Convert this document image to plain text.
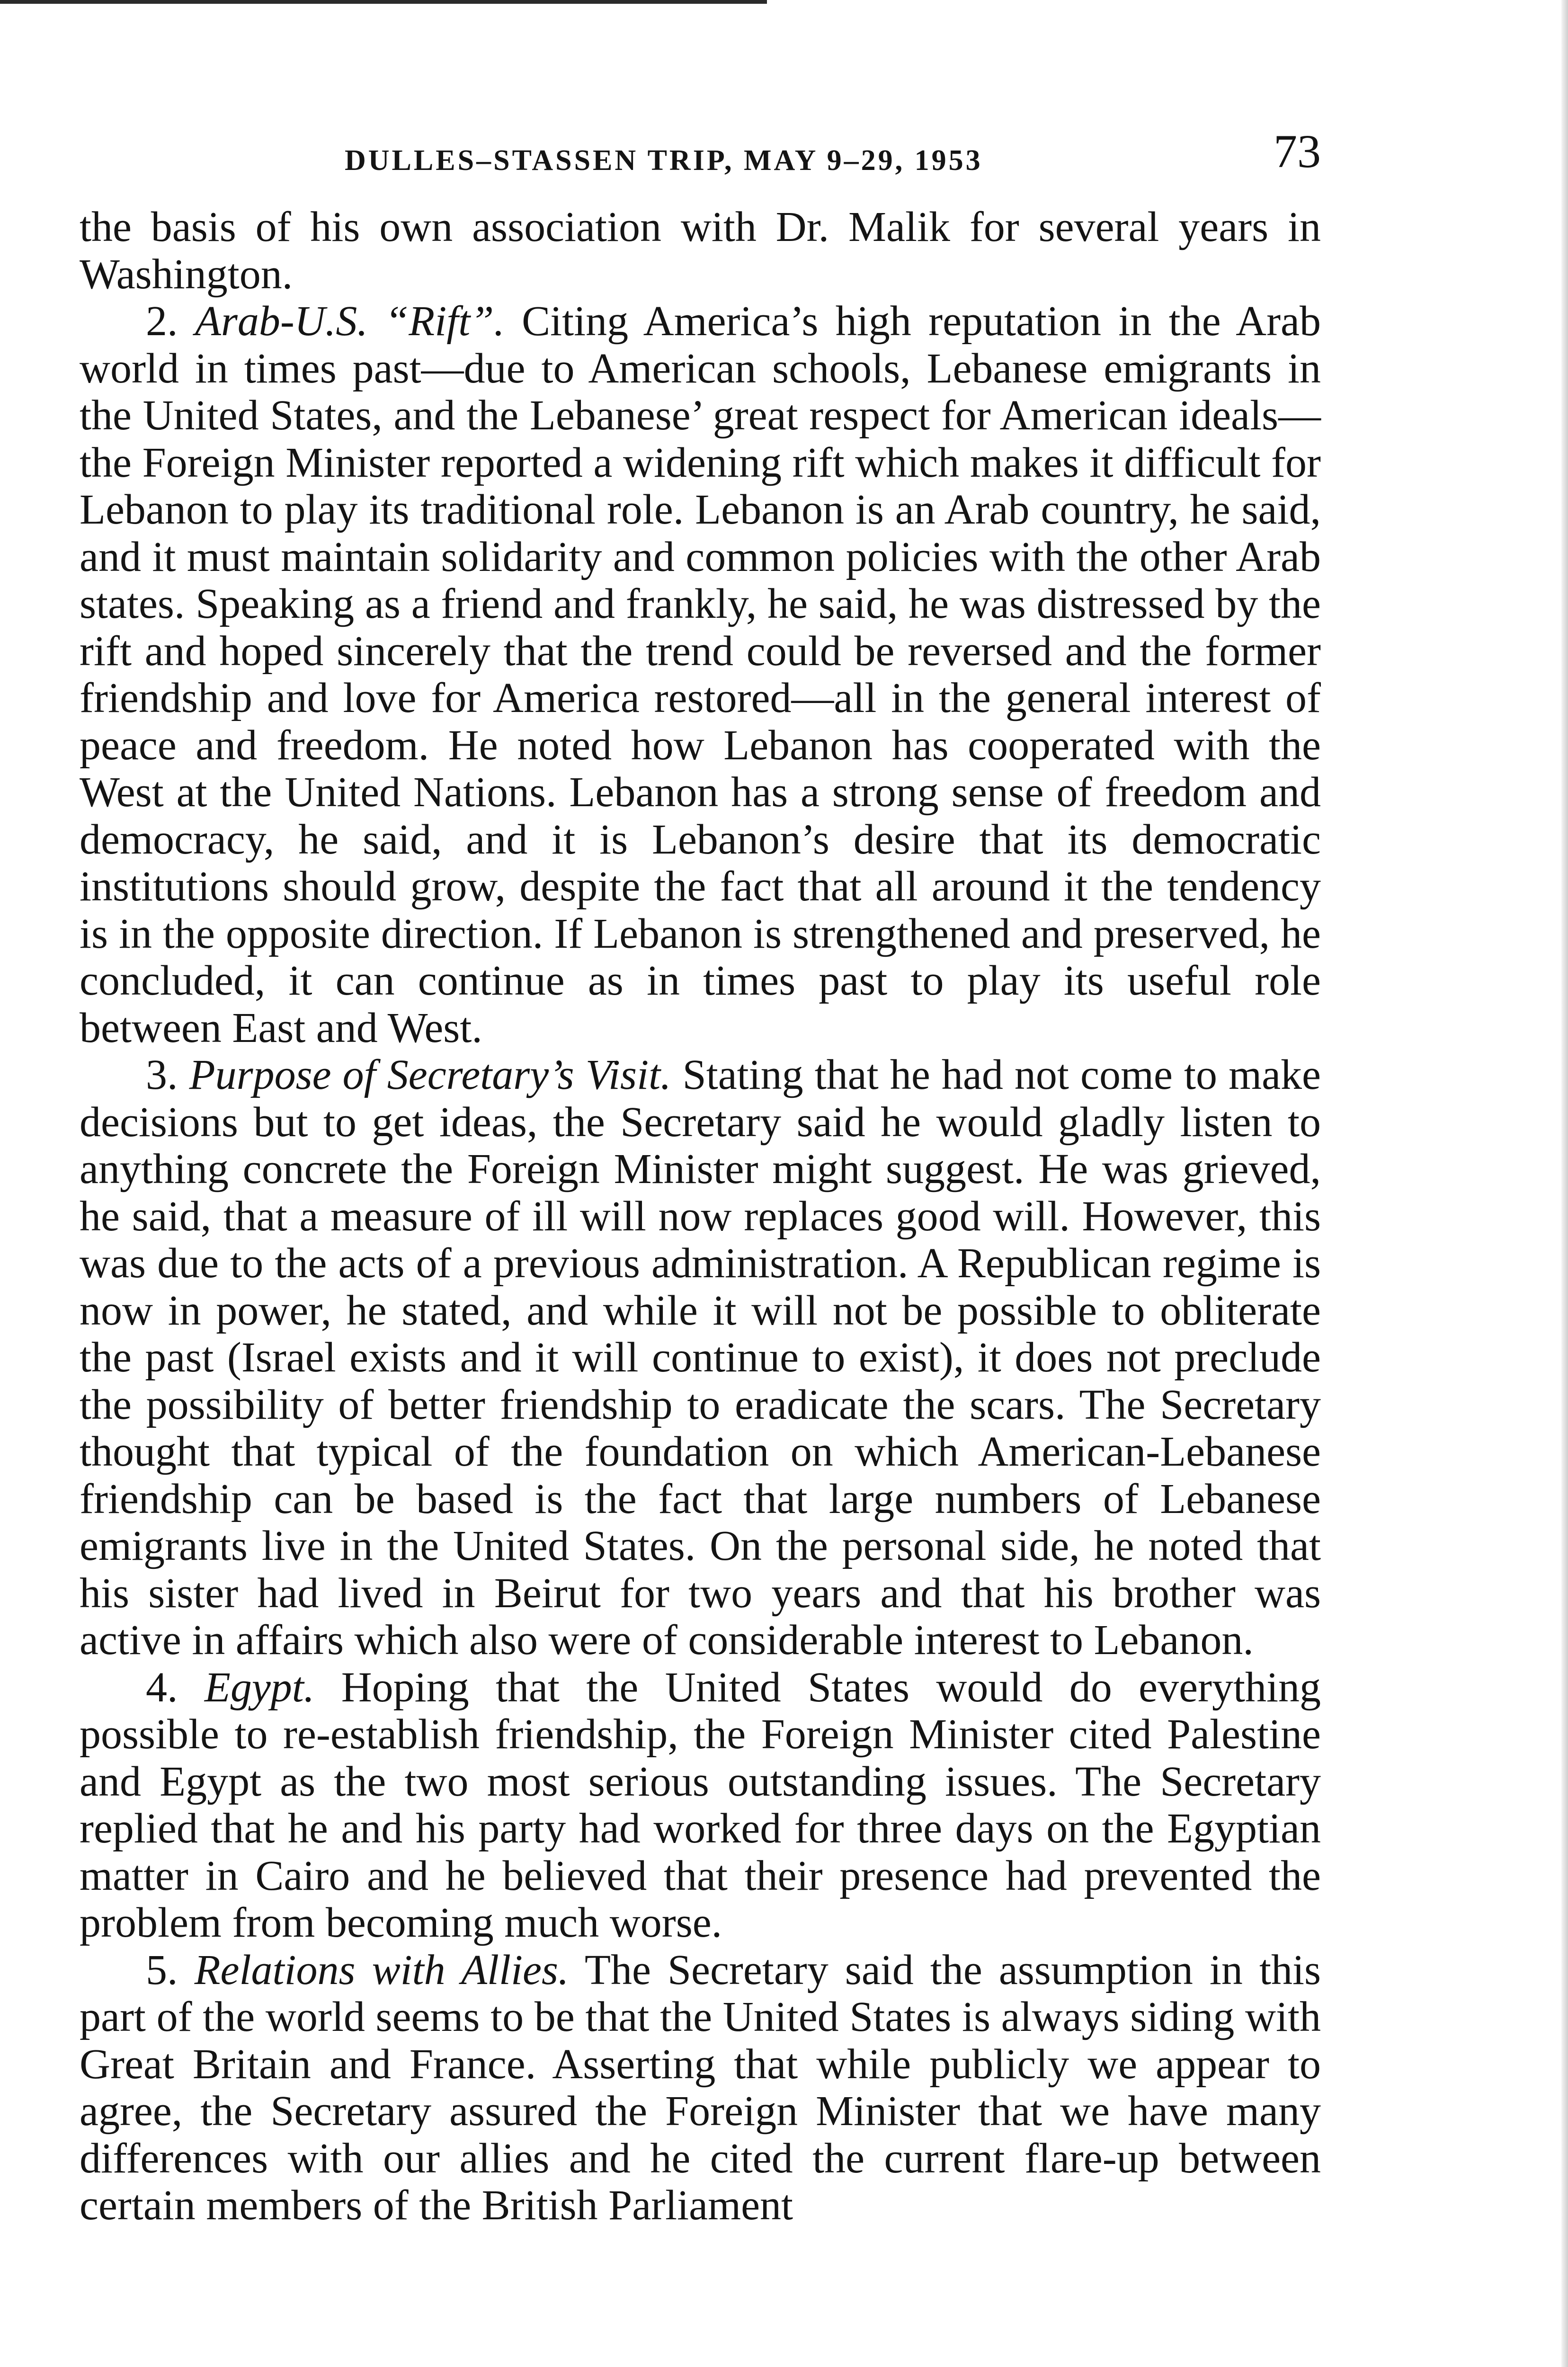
DULLES–STASSEN TRIP, MAY 9–29, 1953	73

the basis of his own association with Dr. Malik for several years in Washington.

2. Arab-U.S. “Rift”. Citing America’s high reputation in the Arab world in times past—due to American schools, Lebanese emigrants in the United States, and the Lebanese’ great respect for American ideals—the Foreign Minister reported a widening rift which makes it difficult for Lebanon to play its traditional role. Lebanon is an Arab country, he said, and it must maintain solidarity and common policies with the other Arab states. Speaking as a friend and frankly, he said, he was distressed by the rift and hoped sincerely that the trend could be reversed and the former friendship and love for America restored—all in the general interest of peace and freedom. He noted how Lebanon has cooperated with the West at the United Nations. Lebanon has a strong sense of freedom and democracy, he said, and it is Lebanon’s desire that its democratic institutions should grow, despite the fact that all around it the tendency is in the opposite direction. If Lebanon is strengthened and preserved, he concluded, it can continue as in times past to play its useful role between East and West.

3. Purpose of Secretary’s Visit. Stating that he had not come to make decisions but to get ideas, the Secretary said he would gladly listen to anything concrete the Foreign Minister might suggest. He was grieved, he said, that a measure of ill will now replaces good will. However, this was due to the acts of a previous administration. A Republican regime is now in power, he stated, and while it will not be possible to obliterate the past (Israel exists and it will continue to exist), it does not preclude the possibility of better friendship to eradicate the scars. The Secretary thought that typical of the foundation on which American-Lebanese friendship can be based is the fact that large numbers of Lebanese emigrants live in the United States. On the personal side, he noted that his sister had lived in Beirut for two years and that his brother was active in affairs which also were of considerable interest to Lebanon.

4. Egypt. Hoping that the United States would do everything possible to re-establish friendship, the Foreign Minister cited Palestine and Egypt as the two most serious outstanding issues. The Secretary replied that he and his party had worked for three days on the Egyptian matter in Cairo and he believed that their presence had prevented the problem from becoming much worse.

5. Relations with Allies. The Secretary said the assumption in this part of the world seems to be that the United States is always siding with Great Britain and France. Asserting that while publicly we appear to agree, the Secretary assured the Foreign Minister that we have many differences with our allies and he cited the current flare-up between certain members of the British Parliament
